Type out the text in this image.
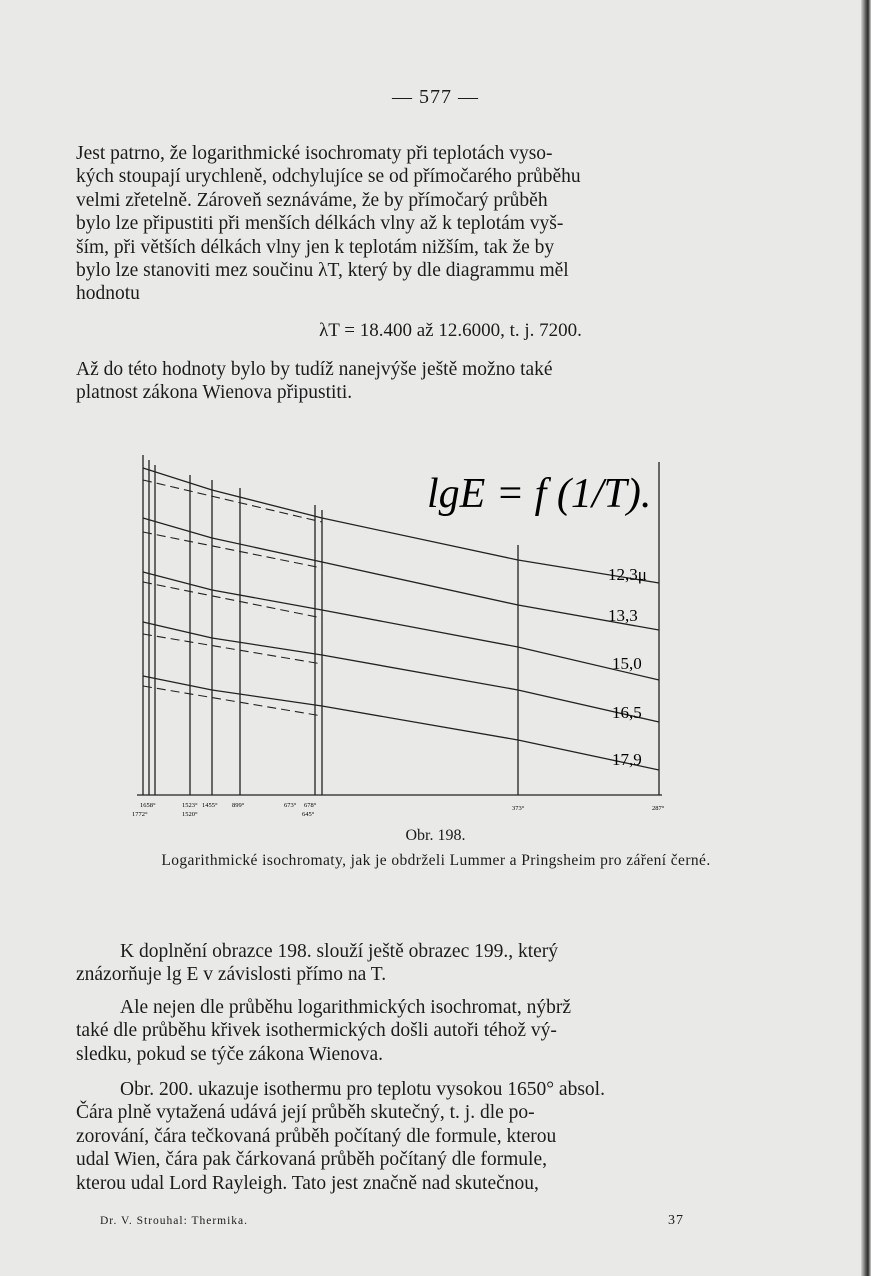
— 577 —
Jest patrno, že logarithmické isochromaty při teplotách vyso-
kých stoupají urychleně, odchylujíce se od přímočarého průběhu
velmi zřetelně. Zároveň seznáváme, že by přímočarý průběh
bylo lze připustiti při menších délkách vlny až k teplotám vyš-
ším, při větších délkách vlny jen k teplotám nižším, tak že by
bylo lze stanoviti mez součinu λT, který by dle diagrammu měl
hodnotu
λT = 18.400 až 12.6000, t. j. 7200.
Až do této hodnoty bylo by tudíž nanejvýše ještě možno také
platnost zákona Wienova připustiti.
lgE = f (1/T).
12,3μ
13,3
15,0
16,5
17,9
1658°
1772°
1523°
1520°
1455° 899°	673° 678°
645°
373°	287°
Obr. 198.
Logarithmické isochromaty, jak je obdrželi Lummer a Pringsheim pro záření černé.
K doplnění obrazce 198. slouží ještě obrazec 199., který
znázorňuje lg E v závislosti přímo na T.
Ale nejen dle průběhu logarithmických isochromat, nýbrž
také dle průběhu křivek isothermických došli autoři téhož vý-
sledku, pokud se týče zákona Wienova.
Obr. 200. ukazuje isothermu pro teplotu vysokou 1650° absol.
Čára plně vytažená udává její průběh skutečný, t. j. dle po-
zorování, čára tečkovaná průběh počítaný dle formule, kterou
udal Wien, čára pak čárkovaná průběh počítaný dle formule,
kterou udal Lord Rayleigh. Tato jest značně nad skutečnou,
Dr. V. Strouhal: Thermika.	37
